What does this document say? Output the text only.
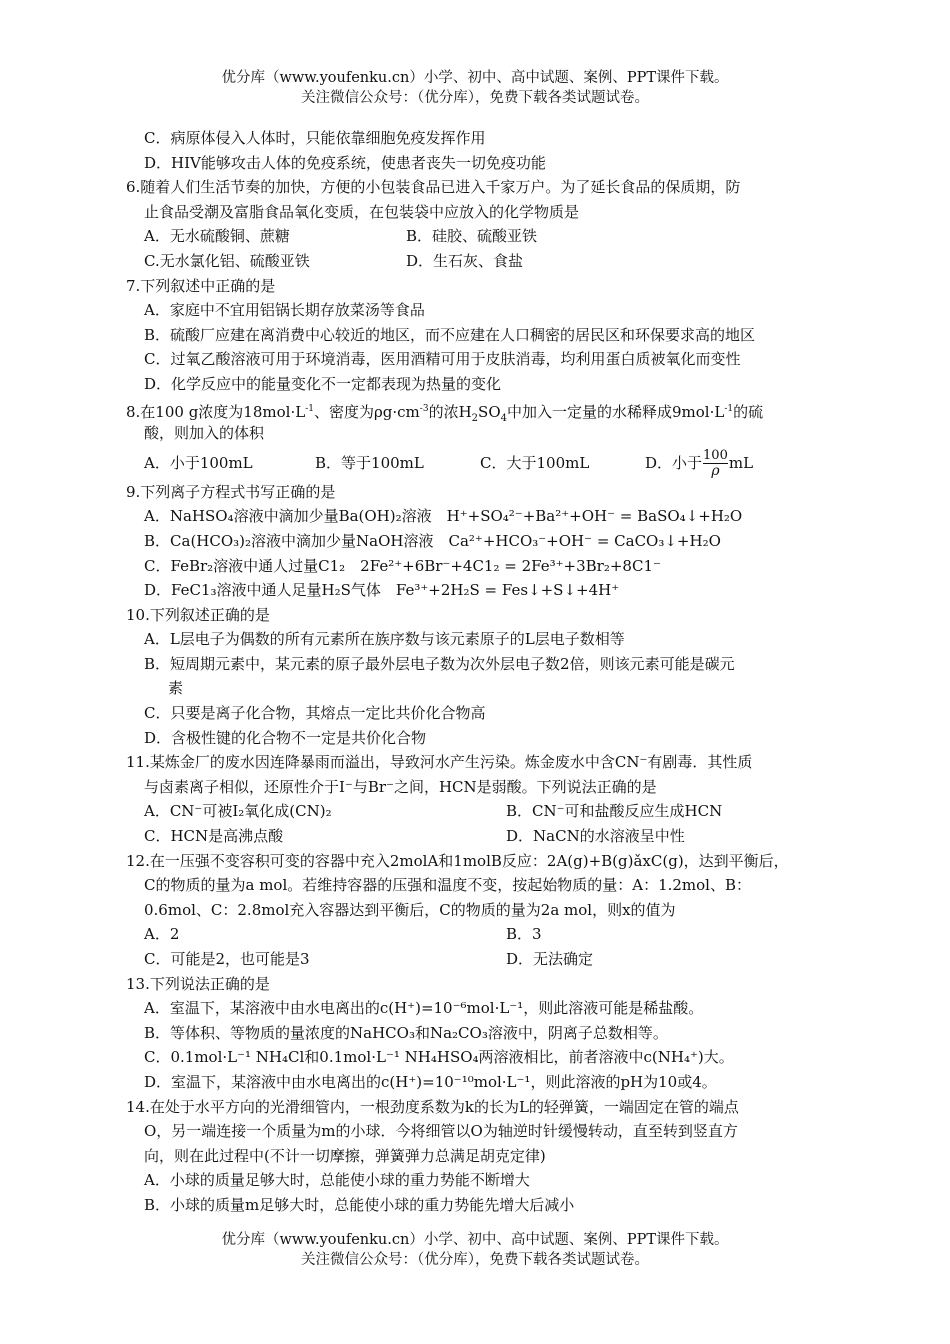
优分库（www.youfenku.cn）小学、初中、高中试题、案例、PPT课件下载。
关注微信公众号：（优分库），免费下载各类试题试卷。
C．病原体侵入人体时，只能依靠细胞免疫发挥作用
D．HIV能够攻击人体的免疫系统，使患者丧失一切免疫功能
6.随着人们生活节奏的加快，方便的小包装食品已进入千家万户。为了延长食品的保质期，防
止食品受潮及富脂食品氧化变质，在包装袋中应放入的化学物质是
A．无水硫酸铜、蔗糖	B．硅胶、硫酸亚铁
C.无水氯化铝、硫酸亚铁	D．生石灰、食盐
7.下列叙述中正确的是
A．家庭中不宜用铝锅长期存放菜汤等食品
B．硫酸厂应建在离消费中心较近的地区，而不应建在人口稠密的居民区和环保要求高的地区
C．过氧乙酸溶液可用于环境消毒，医用酒精可用于皮肤消毒，均利用蛋白质被氧化而变性
D．化学反应中的能量变化不一定都表现为热量的变化
8.在100 g浓度为$18mol\cdot L^{-1}$、密度为$\rho g\cdot cm^{-3}$的浓$H_2SO_4$中加入一定量的水稀释成$9mol\cdot L^{-1}$的硫
酸，则加入的体积
A．小于100mL	B．等于100mL	C．大于100mL	D．小于 $\frac{100}{\rho}$ mL
9.下列离子方程式书写正确的是
A．NaHSO₄溶液中滴加少量Ba(OH)₂溶液　H⁺+SO₄²⁻+Ba²⁺+OH⁻ = BaSO₄↓+H₂O
B．Ca(HCO₃)₂溶液中滴加少量NaOH溶液　Ca²⁺+HCO₃⁻+OH⁻ = CaCO₃↓+H₂O
C．FeBr₂溶液中通人过量C1₂　2Fe²⁺+6Br⁻+4C1₂ = 2Fe³⁺+3Br₂+8C1⁻
D．FeC1₃溶液中通人足量H₂S气体　Fe³⁺+2H₂S = Fes↓+S↓+4H⁺
10.下列叙述正确的是
A．L层电子为偶数的所有元素所在族序数与该元素原子的L层电子数相等
B．短周期元素中，某元素的原子最外层电子数为次外层电子数2倍，则该元素可能是碳元
素
C．只要是离子化合物，其熔点一定比共价化合物高
D．含极性键的化合物不一定是共价化合物
11.某炼金厂的废水因连降暴雨而溢出，导致河水产生污染。炼金废水中含CN⁻有剧毒．其性质
与卤素离子相似，还原性介于I⁻与Br⁻之间，HCN是弱酸。下列说法正确的是
A．CN⁻可被I₂氧化成(CN)₂	B．CN⁻可和盐酸反应生成HCN
C．HCN是高沸点酸	D．NaCN的水溶液呈中性
12.在一压强不变容积可变的容器中充入2molA和1molB反应：2A(g)+B(g)ǎxC(g)，达到平衡后，
C的物质的量为a mol。若维持容器的压强和温度不变，按起始物质的量：A：1.2mol、B：
0.6mol、C：2.8mol充入容器达到平衡后，C的物质的量为2a mol，则x的值为
A．2	B．3
C．可能是2，也可能是3	D．无法确定
13.下列说法正确的是
A．室温下，某溶液中由水电离出的c(H⁺)=10⁻⁶mol·L⁻¹，则此溶液可能是稀盐酸。
B．等体积、等物质的量浓度的NaHCO₃和Na₂CO₃溶液中，阴离子总数相等。
C．0.1mol·L⁻¹ NH₄Cl和0.1mol·L⁻¹ NH₄HSO₄两溶液相比，前者溶液中c(NH₄⁺)大。
D．室温下，某溶液中由水电离出的c(H⁺)=10⁻¹⁰mol·L⁻¹，则此溶液的pH为10或4。
14.在处于水平方向的光滑细管内，一根劲度系数为k的长为L的轻弹簧，一端固定在管的端点
O，另一端连接一个质量为m的小球．今将细管以O为轴逆时针缓慢转动，直至转到竖直方
向，则在此过程中(不计一切摩擦，弹簧弹力总满足胡克定律)
A．小球的质量足够大时，总能使小球的重力势能不断增大
B．小球的质量m足够大时，总能使小球的重力势能先增大后减小
优分库（www.youfenku.cn）小学、初中、高中试题、案例、PPT课件下载。
关注微信公众号：（优分库），免费下载各类试题试卷。
